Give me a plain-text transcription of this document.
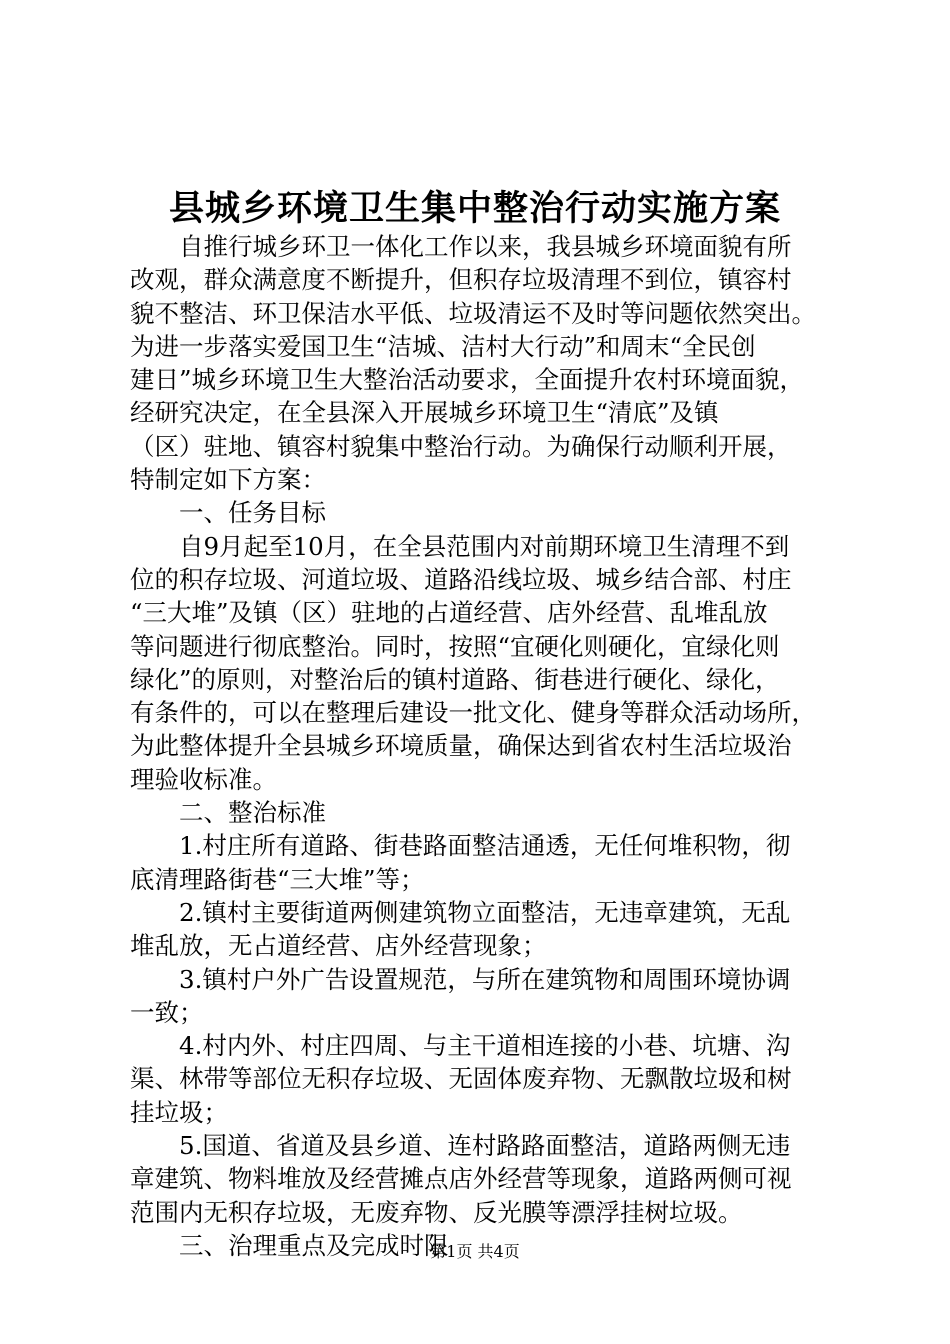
县城乡环境卫生集中整治行动实施方案
　　自推行城乡环卫一体化工作以来，我县城乡环境面貌有所
改观，群众满意度不断提升，但积存垃圾清理不到位，镇容村
貌不整洁、环卫保洁水平低、垃圾清运不及时等问题依然突出。
为进一步落实爱国卫生“洁城、洁村大行动”和周末“全民创
建日”城乡环境卫生大整治活动要求，全面提升农村环境面貌，
经研究决定，在全县深入开展城乡环境卫生“清底”及镇
（区）驻地、镇容村貌集中整治行动。为确保行动顺利开展，
特制定如下方案：
　　一、任务目标
　　自9月起至10月，在全县范围内对前期环境卫生清理不到
位的积存垃圾、河道垃圾、道路沿线垃圾、城乡结合部、村庄
“三大堆”及镇（区）驻地的占道经营、店外经营、乱堆乱放
等问题进行彻底整治。同时，按照“宜硬化则硬化，宜绿化则
绿化”的原则，对整治后的镇村道路、街巷进行硬化、绿化，
有条件的，可以在整理后建设一批文化、健身等群众活动场所，
为此整体提升全县城乡环境质量，确保达到省农村生活垃圾治
理验收标准。
　　二、整治标准
　　1.村庄所有道路、街巷路面整洁通透，无任何堆积物，彻
底清理路街巷“三大堆”等；
　　2.镇村主要街道两侧建筑物立面整洁，无违章建筑，无乱
堆乱放，无占道经营、店外经营现象；
　　3.镇村户外广告设置规范，与所在建筑物和周围环境协调
一致；
　　4.村内外、村庄四周、与主干道相连接的小巷、坑塘、沟
渠、林带等部位无积存垃圾、无固体废弃物、无飘散垃圾和树
挂垃圾；
　　5.国道、省道及县乡道、连村路路面整洁，道路两侧无违
章建筑、物料堆放及经营摊点店外经营等现象，道路两侧可视
范围内无积存垃圾，无废弃物、反光膜等漂浮挂树垃圾。
　　三、治理重点及完成时限
第1页 共4页
